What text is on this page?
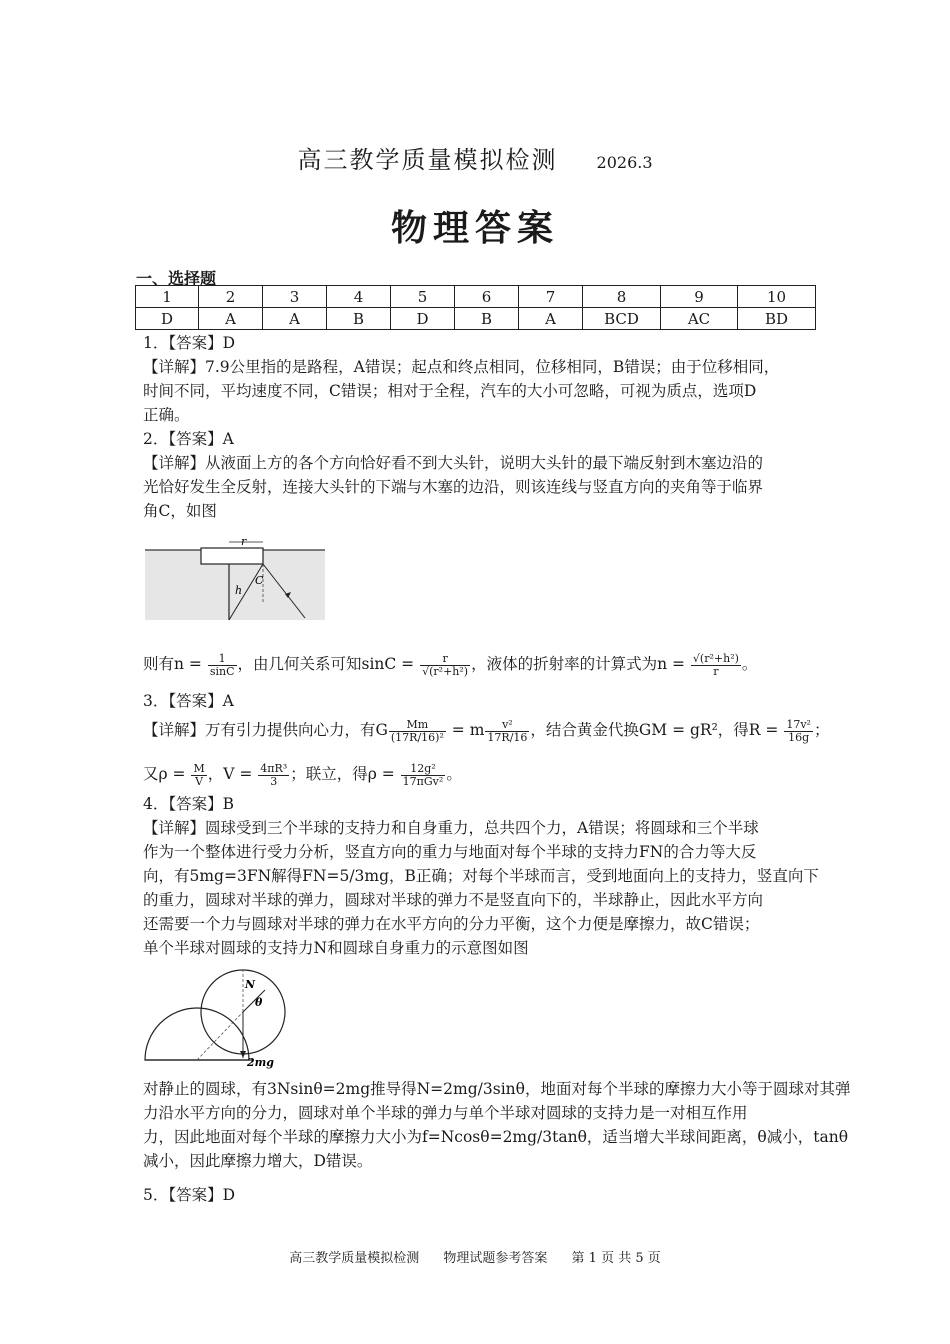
高三教学质量模拟检测 2026.3
物理答案
一、选择题
1	2	3	4	5	6	7	8	9	10
D	A	A	B	D	B	A	BCD	AC	BD
1．【答案】D
【详解】7.9公里指的是路程，A错误；起点和终点相同，位移相同，B错误；由于位移相同，
时间不同，平均速度不同，C错误；相对于全程，汽车的大小可忽略，可视为质点，选项D
正确。
2．【答案】A
【详解】从液面上方的各个方向恰好看不到大头针，说明大头针的最下端反射到木塞边沿的
光恰好发生全反射，连接大头针的下端与木塞的边沿，则该连线与竖直方向的夹角等于临界
角C，如图
r
C
h
则有$n = \frac{1}{\sin C}$ ，由几何关系可知$\sin C = \frac{r}{\text{√(r²+h²)}}$ ，液体的折射率的计算式为$n = \frac{\text{√(r²+h²)}}{r}$ 。
3．【答案】A
【详解】万有引力提供向心力，有G $\frac{Mm}{\text{(17R/16)²}} = m \frac{\text{v²}}{17R/16}$ ，结合黄金代换GM = gR²，得$R = \frac{\text{17v²}}{16g}$ ；
又$\rho = \frac{M}{V}$ ，$V = \frac{\text{4πR³}}{3}$ ；联立，得$\rho = \frac{\text{12g²}}{\text{17πGv²}}$ 。
4．【答案】B
【详解】圆球受到三个半球的支持力和自身重力，总共四个力，A错误；将圆球和三个半球
作为一个整体进行受力分析，竖直方向的重力与地面对每个半球的支持力FN的合力等大反
向，有5mg=3FN解得FN=5/3mg，B正确；对每个半球而言，受到地面向上的支持力，竖直向下
的重力，圆球对半球的弹力，圆球对半球的弹力不是竖直向下的，半球静止，因此水平方向
还需要一个力与圆球对半球的弹力在水平方向的分力平衡，这个力便是摩擦力，故C错误；
单个半球对圆球的支持力N和圆球自身重力的示意图如图
N
θ
2mg
对静止的圆球，有3Nsinθ=2mg推导得N=2mg/3sinθ，地面对每个半球的摩擦力大小等于圆球对其弹
力沿水平方向的分力，圆球对单个半球的弹力与单个半球对圆球的支持力是一对相互作用
力，因此地面对每个半球的摩擦力大小为f=Ncosθ=2mg/3tanθ，适当增大半球间距离，θ减小，tanθ
减小，因此摩擦力增大，D错误。
5．【答案】D
高三教学质量模拟检测 物理试题参考答案 第 1 页 共 5 页
